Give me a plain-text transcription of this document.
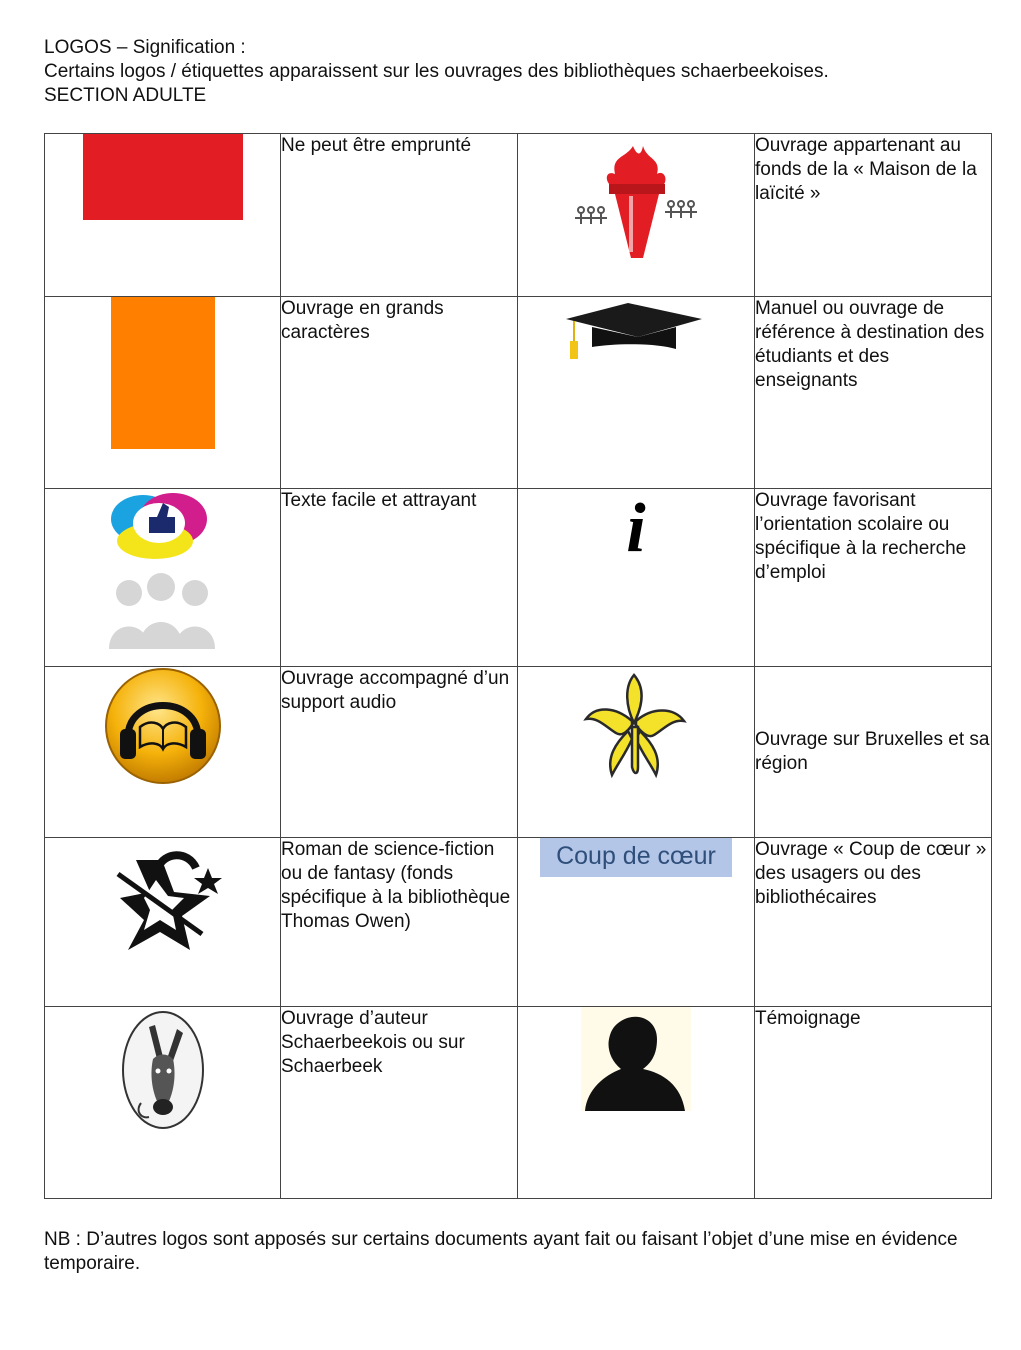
LOGOS – Signification :
Certains logos / étiquettes apparaissent sur les ouvrages des bibliothèques schaerbeekoises.
SECTION ADULTE
	Ne peut être emprunté		Ouvrage appartenant au fonds de la « Maison de la laïcité »
	Ouvrage en grands caractères		Manuel ou ouvrage de référence à destination des étudiants et des enseignants
	Texte facile et attrayant	i	Ouvrage favorisant l’orientation scolaire ou spécifique à la recherche d’emploi
	Ouvrage accompagné d’un support audio		Ouvrage sur Bruxelles et sa région
	Roman de science-fiction ou de fantasy (fonds spécifique à la bibliothèque Thomas Owen)	Coup de cœur	Ouvrage « Coup de cœur » des usagers ou des bibliothécaires
	Ouvrage d’auteur Schaerbeekois ou sur Schaerbeek		Témoignage
NB : D’autres logos sont apposés sur certains documents ayant fait ou faisant l’objet d’une mise en évidence temporaire.
